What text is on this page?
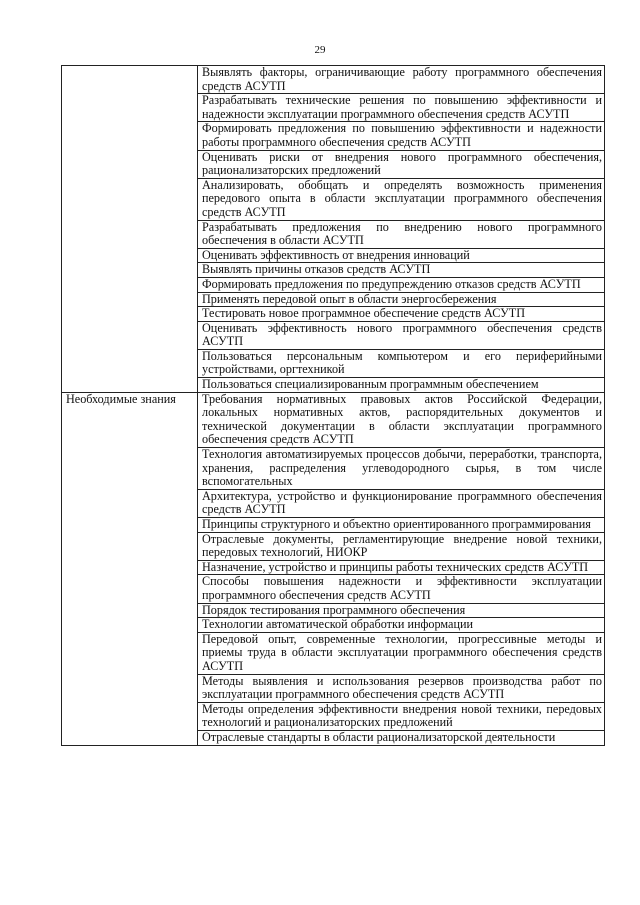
29
	Выявлять факторы, ограничивающие работу программного обеспечения средств АСУТП
	Разрабатывать технические решения по повышению эффективности и надежности эксплуатации программного обеспечения средств АСУТП
	Формировать предложения по повышению эффективности и надежности работы программного обеспечения средств АСУТП
	Оценивать риски от внедрения нового программного обеспечения, рационализаторских предложений
	Анализировать, обобщать и определять возможность применения передового опыта в области эксплуатации программного обеспечения средств АСУТП
	Разрабатывать предложения по внедрению нового программного обеспечения в области АСУТП
	Оценивать эффективность от внедрения инноваций
	Выявлять причины отказов средств АСУТП
	Формировать предложения по предупреждению отказов средств АСУТП
	Применять передовой опыт в области энергосбережения
	Тестировать новое программное обеспечение средств АСУТП
	Оценивать эффективность нового программного обеспечения средств АСУТП
	Пользоваться персональным компьютером и его периферийными устройствами, оргтехникой
	Пользоваться специализированным программным обеспечением
Необходимые знания	Требования нормативных правовых актов Российской Федерации, локальных нормативных актов, распорядительных документов и технической документации в области эксплуатации программного обеспечения средств АСУТП
	Технология автоматизируемых процессов добычи, переработки, транспорта, хранения, распределения углеводородного сырья, в том числе вспомогательных
	Архитектура, устройство и функционирование программного обеспечения средств АСУТП
	Принципы структурного и объектно ориентированного программирования
	Отраслевые документы, регламентирующие внедрение новой техники, передовых технологий, НИОКР
	Назначение, устройство и принципы работы технических средств АСУТП
	Способы повышения надежности и эффективности эксплуатации программного обеспечения средств АСУТП
	Порядок тестирования программного обеспечения
	Технологии автоматической обработки информации
	Передовой опыт, современные технологии, прогрессивные методы и приемы труда в области эксплуатации программного обеспечения средств АСУТП
	Методы выявления и использования резервов производства работ по эксплуатации программного обеспечения средств АСУТП
	Методы определения эффективности внедрения новой техники, передовых технологий и рационализаторских предложений
	Отраслевые стандарты в области рационализаторской деятельности
